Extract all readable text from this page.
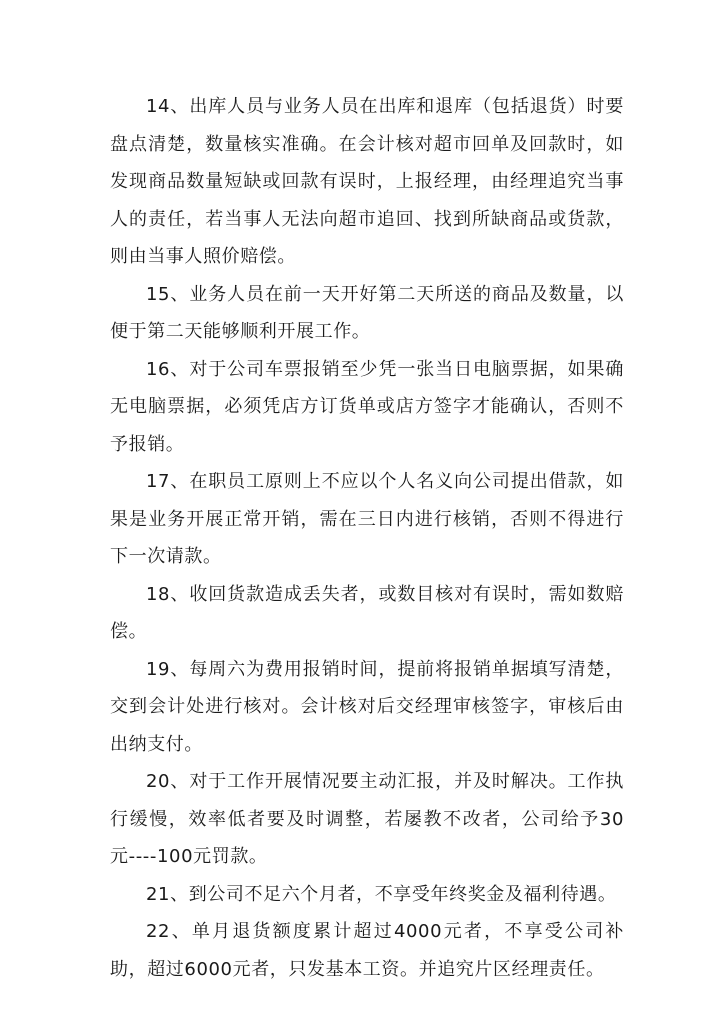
14、出库人员与业务人员在出库和退库（包括退货）时要盘点清楚，数量核实准确。在会计核对超市回单及回款时，如发现商品数量短缺或回款有误时，上报经理，由经理追究当事人的责任，若当事人无法向超市追回、找到所缺商品或货款，则由当事人照价赔偿。

15、业务人员在前一天开好第二天所送的商品及数量，以便于第二天能够顺利开展工作。

16、对于公司车票报销至少凭一张当日电脑票据，如果确无电脑票据，必须凭店方订货单或店方签字才能确认，否则不予报销。

17、在职员工原则上不应以个人名义向公司提出借款，如果是业务开展正常开销，需在三日内进行核销，否则不得进行下一次请款。

18、收回货款造成丢失者，或数目核对有误时，需如数赔偿。

19、每周六为费用报销时间，提前将报销单据填写清楚，交到会计处进行核对。会计核对后交经理审核签字，审核后由出纳支付。

20、对于工作开展情况要主动汇报，并及时解决。工作执行缓慢，效率低者要及时调整，若屡教不改者，公司给予30元----100元罚款。

21、到公司不足六个月者，不享受年终奖金及福利待遇。

22、单月退货额度累计超过4000元者，不享受公司补助，超过6000元者，只发基本工资。并追究片区经理责任。
